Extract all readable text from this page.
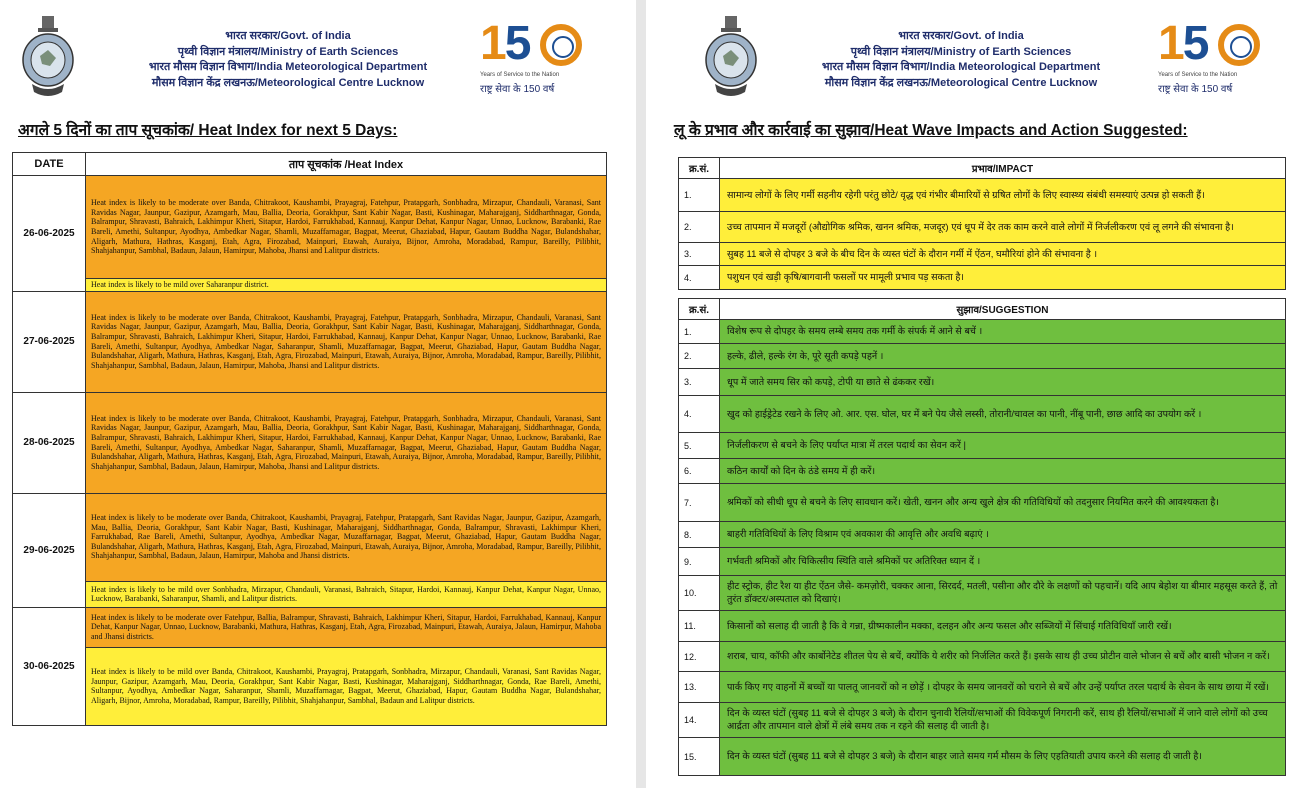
भारत सरकार/Govt. of India
पृथ्वी विज्ञान मंत्रालय/Ministry of Earth Sciences
भारत मौसम विज्ञान विभाग/India Meteorological Department
मौसम विज्ञान केंद्र लखनऊ/Meteorological Centre Lucknow
15
Years of Service to the Nation
राष्ट्र सेवा के 150 वर्ष
अगले 5 दिनों का ताप सूचकांक/ Heat Index for next 5 Days:
DATE	ताप सूचकांक /Heat Index
26-06-2025	Heat index is likely to be moderate over Banda, Chitrakoot, Kaushambi, Prayagraj, Fatehpur, Pratapgarh, Sonbhadra, Mirzapur, Chandauli, Varanasi, Sant Ravidas Nagar, Jaunpur, Gazipur, Azamgarh, Mau, Ballia, Deoria, Gorakhpur, Sant Kabir Nagar, Basti, Kushinagar, Maharajganj, Siddharthnagar, Gonda, Balrampur, Shravasti, Bahraich, Lakhimpur Kheri, Sitapur, Hardoi, Farrukhabad, Kannauj, Kanpur Dehat, Kanpur Nagar, Unnao, Lucknow, Barabanki, Rae Bareli, Amethi, Sultanpur, Ayodhya, Ambedkar Nagar, Shamli, Muzaffarnagar, Bagpat, Meerut, Ghaziabad, Hapur, Gautam Buddha Nagar, Bulandshahar, Aligarh, Mathura, Hathras, Kasganj, Etah, Agra, Firozabad, Mainpuri, Etawah, Auraiya, Bijnor, Amroha, Moradabad, Rampur, Bareilly, Pilibhit, Shahjahanpur, Sambhal, Badaun, Jalaun, Hamirpur, Mahoba, Jhansi and Lalitpur districts.
	Heat index is likely to be mild over Saharanpur district.
27-06-2025	Heat index is likely to be moderate over Banda, Chitrakoot, Kaushambi, Prayagraj, Fatehpur, Pratapgarh, Sonbhadra, Mirzapur, Chandauli, Varanasi, Sant Ravidas Nagar, Jaunpur, Gazipur, Azamgarh, Mau, Ballia, Deoria, Gorakhpur, Sant Kabir Nagar, Basti, Kushinagar, Maharajganj, Siddharthnagar, Gonda, Balrampur, Shravasti, Bahraich, Lakhimpur Kheri, Sitapur, Hardoi, Farrukhabad, Kannauj, Kanpur Dehat, Kanpur Nagar, Unnao, Lucknow, Barabanki, Rae Bareli, Amethi, Sultanpur, Ayodhya, Ambedkar Nagar, Saharanpur, Shamli, Muzaffarnagar, Bagpat, Meerut, Ghaziabad, Hapur, Gautam Buddha Nagar, Bulandshahar, Aligarh, Mathura, Hathras, Kasganj, Etah, Agra, Firozabad, Mainpuri, Etawah, Auraiya, Bijnor, Amroha, Moradabad, Rampur, Bareilly, Pilibhit, Shahjahanpur, Sambhal, Badaun, Jalaun, Hamirpur, Mahoba, Jhansi and Lalitpur districts.
28-06-2025	Heat index is likely to be moderate over Banda, Chitrakoot, Kaushambi, Prayagraj, Fatehpur, Pratapgarh, Sonbhadra, Mirzapur, Chandauli, Varanasi, Sant Ravidas Nagar, Jaunpur, Gazipur, Azamgarh, Mau, Ballia, Deoria, Gorakhpur, Sant Kabir Nagar, Basti, Kushinagar, Maharajganj, Siddharthnagar, Gonda, Balrampur, Shravasti, Bahraich, Lakhimpur Kheri, Sitapur, Hardoi, Farrukhabad, Kannauj, Kanpur Dehat, Kanpur Nagar, Unnao, Lucknow, Barabanki, Rae Bareli, Amethi, Sultanpur, Ayodhya, Ambedkar Nagar, Saharanpur, Shamli, Muzaffarnagar, Bagpat, Meerut, Ghaziabad, Hapur, Gautam Buddha Nagar, Bulandshahar, Aligarh, Mathura, Hathras, Kasganj, Etah, Agra, Firozabad, Mainpuri, Etawah, Auraiya, Bijnor, Amroha, Moradabad, Rampur, Bareilly, Pilibhit, Shahjahanpur, Sambhal, Badaun, Jalaun, Hamirpur, Mahoba, Jhansi and Lalitpur districts.
29-06-2025	Heat index is likely to be moderate over Banda, Chitrakoot, Kaushambi, Prayagraj, Fatehpur, Pratapgarh, Sant Ravidas Nagar, Jaunpur, Gazipur, Azamgarh, Mau, Ballia, Deoria, Gorakhpur, Sant Kabir Nagar, Basti, Kushinagar, Maharajganj, Siddharthnagar, Gonda, Balrampur, Shravasti, Lakhimpur Kheri, Farrukhabad, Rae Bareli, Amethi, Sultanpur, Ayodhya, Ambedkar Nagar, Muzaffarnagar, Bagpat, Meerut, Ghaziabad, Hapur, Gautam Buddha Nagar, Bulandshahar, Aligarh, Mathura, Hathras, Kasganj, Etah, Agra, Firozabad, Mainpuri, Etawah, Auraiya, Bijnor, Amroha, Moradabad, Rampur, Bareilly, Pilibhit, Shahjahanpur, Sambhal, Badaun, Jalaun, Hamirpur, Mahoba and Jhansi districts.
	Heat index is likely to be mild over Sonbhadra, Mirzapur, Chandauli, Varanasi, Bahraich, Sitapur, Hardoi, Kannauj, Kanpur Dehat, Kanpur Nagar, Unnao, Lucknow, Barabanki, Saharanpur, Shamli, and Lalitpur districts.
30-06-2025	Heat index is likely to be moderate over Fatehpur, Ballia, Balrampur, Shravasti, Bahraich, Lakhimpur Kheri, Sitapur, Hardoi, Farrukhabad, Kannauj, Kanpur Dehat, Kanpur Nagar, Unnao, Lucknow, Barabanki, Mathura, Hathras, Kasganj, Etah, Agra, Firozabad, Mainpuri, Etawah, Auraiya, Jalaun, Hamirpur, Mahoba and Jhansi districts.
	Heat index is likely to be mild over Banda, Chitrakoot, Kaushambi, Prayagraj, Pratapgarh, Sonbhadra, Mirzapur, Chandauli, Varanasi, Sant Ravidas Nagar, Jaunpur, Gazipur, Azamgarh, Mau, Deoria, Gorakhpur, Sant Kabir Nagar, Basti, Kushinagar, Maharajganj, Siddharthnagar, Gonda, Rae Bareli, Amethi, Sultanpur, Ayodhya, Ambedkar Nagar, Saharanpur, Shamli, Muzaffarnagar, Bagpat, Meerut, Ghaziabad, Hapur, Gautam Buddha Nagar, Bulandshahar, Aligarh, Bijnor, Amroha, Moradabad, Rampur, Bareilly, Pilibhit, Shahjahanpur, Sambhal, Badaun and Lalitpur districts.
भारत सरकार/Govt. of India
पृथ्वी विज्ञान मंत्रालय/Ministry of Earth Sciences
भारत मौसम विज्ञान विभाग/India Meteorological Department
मौसम विज्ञान केंद्र लखनऊ/Meteorological Centre Lucknow
15
Years of Service to the Nation
राष्ट्र सेवा के 150 वर्ष
लू के प्रभाव और कार्रवाई का सुझाव/Heat Wave Impacts and Action Suggested:
क्र.सं.	प्रभाव/IMPACT
1.	सामान्य लोगों के लिए गर्मी सहनीय रहेगी परंतु छोटे/ वृद्ध एवं गंभीर बीमारियों से ग्रषित लोगों के लिए स्वास्थ्य संबंधी समस्याएं उत्पन्न हो सकती हैं।
2.	उच्च तापमान में मजदूरों (औद्योगिक श्रमिक, खनन श्रमिक, मजदूर) एवं धूप में देर तक काम करने वाले लोगों में निर्जलीकरण एवं लू लगने की संभावना है।
3.	सुबह 11 बजे से दोपहर 3 बजे के बीच दिन के व्यस्त घंटों के दौरान गर्मी में ऐंठन, घमौरियां होने की संभावना है ।
4.	पशुधन एवं खड़ी कृषि/बागवानी फसलों पर मामूली प्रभाव पड़ सकता है।
क्र.सं.	सुझाव/SUGGESTION
1.	विशेष रूप से दोपहर के समय लम्बे समय तक गर्मी के संपर्क में आने से बचें ।
2.	हल्के, ढीले, हल्के रंग के, पूरे सूती कपड़े पहनें ।
3.	धूप में जाते समय सिर को कपड़े, टोपी या छाते से ढंककर रखें।
4.	खुद को हाईड्रेटेड रखने के लिए ओ. आर. एस. घोल, घर में बने पेय जैसे लस्सी, तोरानी/चावल का पानी, नींबू पानी, छाछ आदि का उपयोग करें ।
5.	निर्जलीकरण से बचने के लिए पर्याप्त मात्रा में तरल पदार्थ का सेवन करें |
6.	कठिन कार्यों को दिन के ठंडे समय में ही करें।
7.	श्रमिकों को सीधी धूप से बचने के लिए सावधान करें। खेती, खनन और अन्य खुले क्षेत्र की गतिविधियों को तदनुसार नियमित करने की आवश्यकता है।
8.	बाहरी गतिविधियों के लिए विश्राम एवं अवकाश की आवृत्ति और अवधि बढ़ाएं ।
9.	गर्भवती श्रमिकों और चिकित्सीय स्थिति वाले श्रमिकों पर अतिरिक्त ध्यान दें ।
10.	हीट स्ट्रोक, हीट रैश या हीट ऐंठन जैसे- कमज़ोरी, चक्कर आना, सिरदर्द, मतली, पसीना और दौरे के लक्षणों को पहचानें। यदि आप बेहोश या बीमार महसूस करते हैं, तो तुरंत डॉक्टर/अस्पताल को दिखाएं।
11.	किसानों को सलाह दी जाती है कि वे गन्ना, ग्रीष्मकालीन मक्का, दलहन और अन्य फसल और सब्जियों में सिंचाई गतिविधियाँ जारी रखें।
12.	शराब, चाय, कॉफी और कार्बोनेटेड शीतल पेय से बचें, क्योंकि ये शरीर को निर्जलित करते हैं। इसके साथ ही उच्च प्रोटीन वाले भोजन से बचें और बासी भोजन न करें।
13.	पार्क किए गए वाहनों में बच्चों या पालतू जानवरों को न छोड़ें । दोपहर के समय जानवरों को चराने से बचें और उन्हें पर्याप्त तरल पदार्थ के सेवन के साथ छाया में रखें।
14.	दिन के व्यस्त घंटों (सुबह 11 बजे से दोपहर 3 बजे) के दौरान चुनावी रैलियों/सभाओं की विवेकपूर्ण निगरानी करें, साथ ही रैलियों/सभाओं में जाने वाले लोगों को उच्च आर्द्रता और तापमान वाले क्षेत्रों में लंबे समय तक न रहने की सलाह दी जाती है।
15.	दिन के व्यस्त घंटों (सुबह 11 बजे से दोपहर 3 बजे) के दौरान बाहर जाते समय गर्म मौसम के लिए एहतियाती उपाय करने की सलाह दी जाती है।
